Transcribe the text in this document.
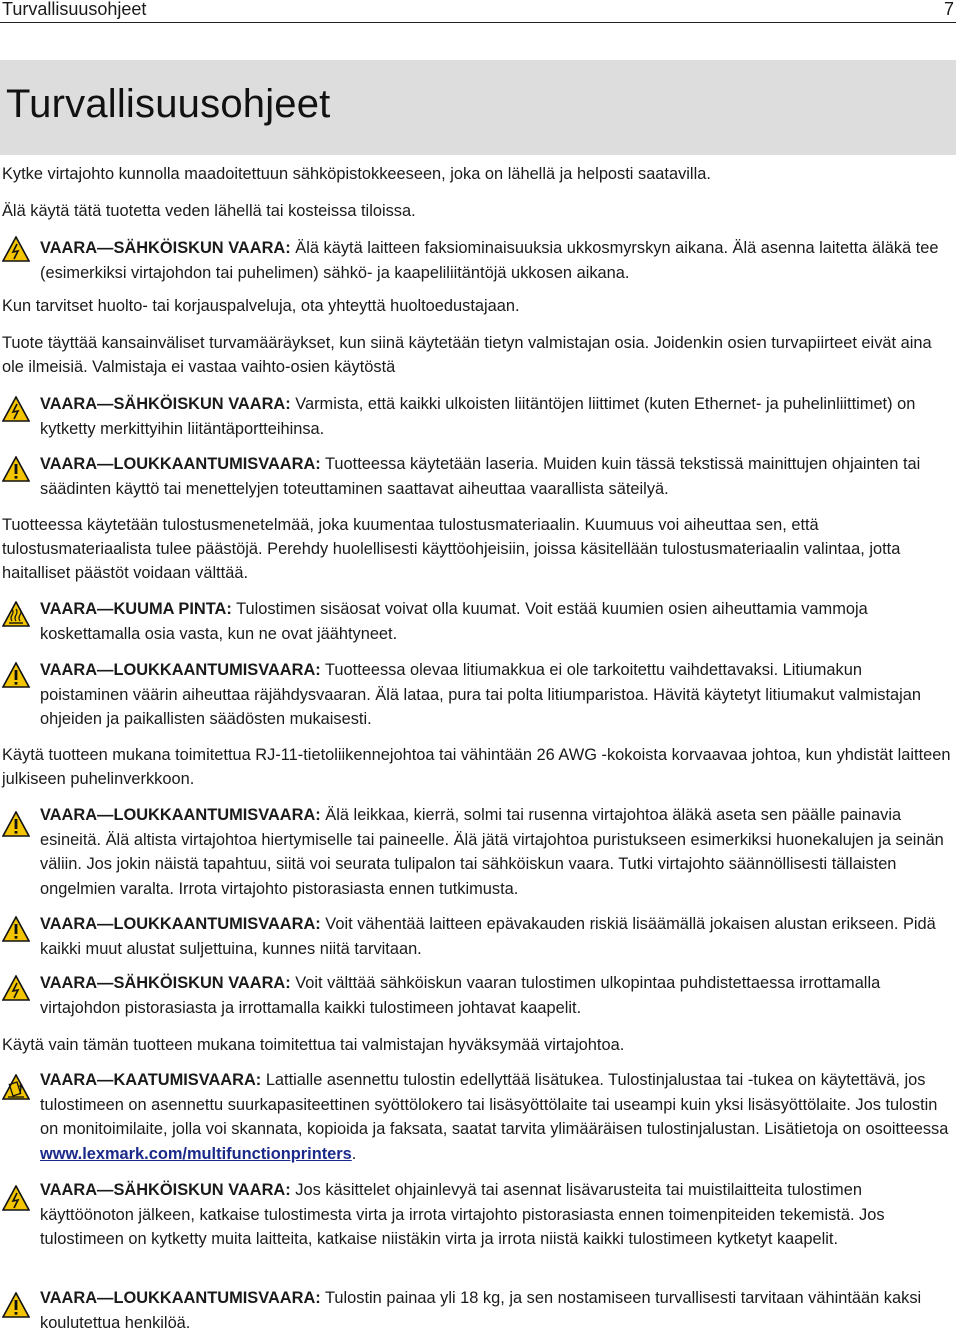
Turvallisuusohjeet	7
Turvallisuusohjeet

Kytke virtajohto kunnolla maadoitettuun sähköpistokkeeseen, joka on lähellä ja helposti saatavilla.

Älä käytä tätä tuotetta veden lähellä tai kosteissa tiloissa.

VAARA—SÄHKÖISKUN VAARA: Älä käytä laitteen faksiominaisuuksia ukkosmyrskyn aikana. Älä asenna laitetta äläkä tee (esimerkiksi virtajohdon tai puhelimen) sähkö- ja kaapeliliitäntöjä ukkosen aikana.

Kun tarvitset huolto- tai korjauspalveluja, ota yhteyttä huoltoedustajaan.

Tuote täyttää kansainväliset turvamääräykset, kun siinä käytetään tietyn valmistajan osia. Joidenkin osien turvapiirteet eivät aina ole ilmeisiä. Valmistaja ei vastaa vaihto-osien käytöstä

VAARA—SÄHKÖISKUN VAARA: Varmista, että kaikki ulkoisten liitäntöjen liittimet (kuten Ethernet- ja puhelinliittimet) on kytketty merkittyihin liitäntäportteihinsa.

VAARA—LOUKKAANTUMISVAARA: Tuotteessa käytetään laseria. Muiden kuin tässä tekstissä mainittujen ohjainten tai säädinten käyttö tai menettelyjen toteuttaminen saattavat aiheuttaa vaarallista säteilyä.

Tuotteessa käytetään tulostusmenetelmää, joka kuumentaa tulostusmateriaalin. Kuumuus voi aiheuttaa sen, että tulostusmateriaalista tulee päästöjä. Perehdy huolellisesti käyttöohjeisiin, joissa käsitellään tulostusmateriaalin valintaa, jotta haitalliset päästöt voidaan välttää.

VAARA—KUUMA PINTA: Tulostimen sisäosat voivat olla kuumat. Voit estää kuumien osien aiheuttamia vammoja koskettamalla osia vasta, kun ne ovat jäähtyneet.

VAARA—LOUKKAANTUMISVAARA: Tuotteessa olevaa litiumakkua ei ole tarkoitettu vaihdettavaksi. Litiumakun poistaminen väärin aiheuttaa räjähdysvaaran. Älä lataa, pura tai polta litiumparistoa. Hävitä käytetyt litiumakut valmistajan ohjeiden ja paikallisten säädösten mukaisesti.

Käytä tuotteen mukana toimitettua RJ-11-tietoliikennejohtoa tai vähintään 26 AWG -kokoista korvaavaa johtoa, kun yhdistät laitteen julkiseen puhelinverkkoon.

VAARA—LOUKKAANTUMISVAARA: Älä leikkaa, kierrä, solmi tai rusenna virtajohtoa äläkä aseta sen päälle painavia esineitä. Älä altista virtajohtoa hiertymiselle tai paineelle. Älä jätä virtajohtoa puristukseen esimerkiksi huonekalujen ja seinän väliin. Jos jokin näistä tapahtuu, siitä voi seurata tulipalon tai sähköiskun vaara. Tutki virtajohto säännöllisesti tällaisten ongelmien varalta. Irrota virtajohto pistorasiasta ennen tutkimusta.

VAARA—LOUKKAANTUMISVAARA: Voit vähentää laitteen epävakauden riskiä lisäämällä jokaisen alustan erikseen. Pidä kaikki muut alustat suljettuina, kunnes niitä tarvitaan.

VAARA—SÄHKÖISKUN VAARA: Voit välttää sähköiskun vaaran tulostimen ulkopintaa puhdistettaessa irrottamalla virtajohdon pistorasiasta ja irrottamalla kaikki tulostimeen johtavat kaapelit.

Käytä vain tämän tuotteen mukana toimitettua tai valmistajan hyväksymää virtajohtoa.

VAARA—KAATUMISVAARA: Lattialle asennettu tulostin edellyttää lisätukea. Tulostinjalustaa tai -tukea on käytettävä, jos tulostimeen on asennettu suurkapasiteettinen syöttölokero tai lisäsyöttölaite tai useampi kuin yksi lisäsyöttölaite. Jos tulostin on monitoimilaite, jolla voi skannata, kopioida ja faksata, saatat tarvita ylimääräisen tulostinjalustan. Lisätietoja on osoitteessa www.lexmark.com/multifunctionprinters.

VAARA—SÄHKÖISKUN VAARA: Jos käsittelet ohjainlevyä tai asennat lisävarusteita tai muistilaitteita tulostimen käyttöönoton jälkeen, katkaise tulostimesta virta ja irrota virtajohto pistorasiasta ennen toimenpiteiden tekemistä. Jos tulostimeen on kytketty muita laitteita, katkaise niistäkin virta ja irrota niistä kaikki tulostimeen kytketyt kaapelit.

VAARA—LOUKKAANTUMISVAARA: Tulostin painaa yli 18 kg, ja sen nostamiseen turvallisesti tarvitaan vähintään kaksi koulutettua henkilöä.
